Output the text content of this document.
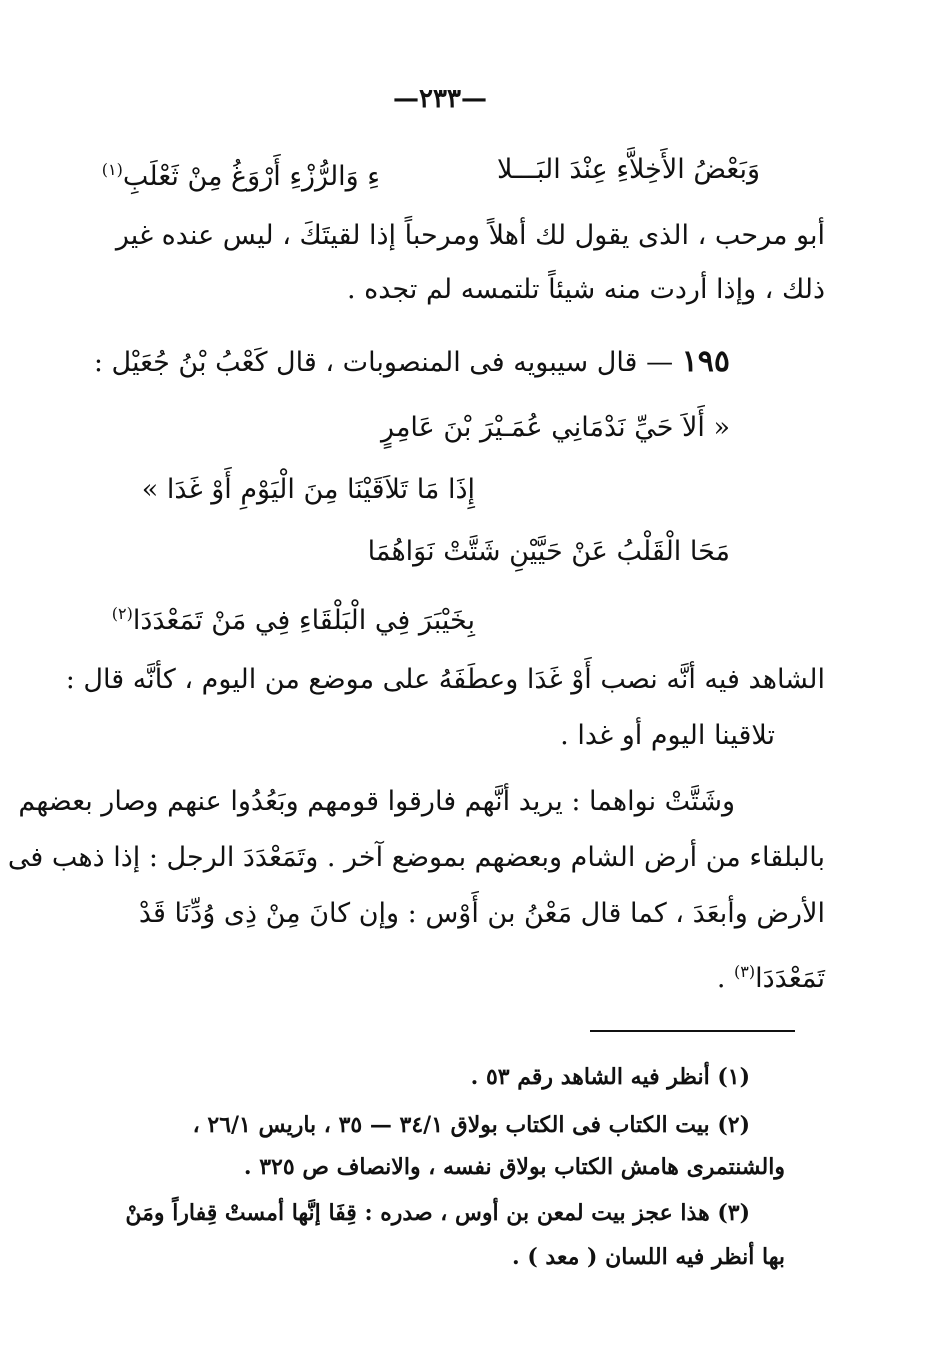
—٢٣٣—
وَبَعْضُ الأَخِلاَّءِ عِنْدَ البَـــلا
ءِ وَالرُّزْءِ أَرْوَغُ مِنْ ثَعْلَبِ$^{(١)}$
أبو مرحب ، الذى يقول لك أهلاً ومرحباً إذا لقيتَكَ ، ليس عنده غير
ذلك ، وإذا أردت منه شيئاً تلتمسه لم تجده .
١٩٥ — قال سيبويه فى المنصوبات ، قال كَعْبُ بْنُ جُعَيْل :
« أَلاَ حَيِّ نَدْمَانِي عُمَـيْرَ بْنَ عَامِرٍ
إِذَا مَا تَلاَقَيْنَا مِنَ الْيَوْمِ أَوْ غَدَا »
مَحَا الْقَلْبُ عَنْ حَيَّيْنِ شَتَّتْ نَوَاهُمَا
بِخَيْبَرَ فِي الْبَلْقَاءِ فِي مَنْ تَمَعْدَدَا$^{(٢)}$
الشاهد فيه أنَّه نصب أَوْ غَدَا وعطَفَهُ على موضع من اليوم ، كأنَّه قال :
تلاقينا اليوم أو غدا .
وشَتَّتْ نواهما : يريد أنَّهم فارقوا قومهم وبَعُدُوا عنهم وصار بعضهم
بالبلقاء من أرض الشام وبعضهم بموضع آخر . وتَمَعْدَدَ الرجل : إذا ذهب فى
الأرض وأبعَدَ ، كما قال مَعْنُ بن أَوْس : وإن كانَ مِنْ ذِى وُدِّنَا قَدْ
تَمَعْدَدَا$^{(٣)}$ .
(١) أنظر فيه الشاهد رقم ٥٣ .
(٢) بيت الكتاب فى الكتاب بولاق ٣٤/١ — ٣٥ ، باريس ٢٦/١ ،
والشنتمرى هامش الكتاب بولاق نفسه ، والانصاف ص ٣٢٥ .
(٣) هذا عجز بيت لمعن بن أوس ، صدره : قِفَا إنَّها أمستْ قِفاراً ومَنْ
بها أنظر فيه اللسان ( معد ) .
